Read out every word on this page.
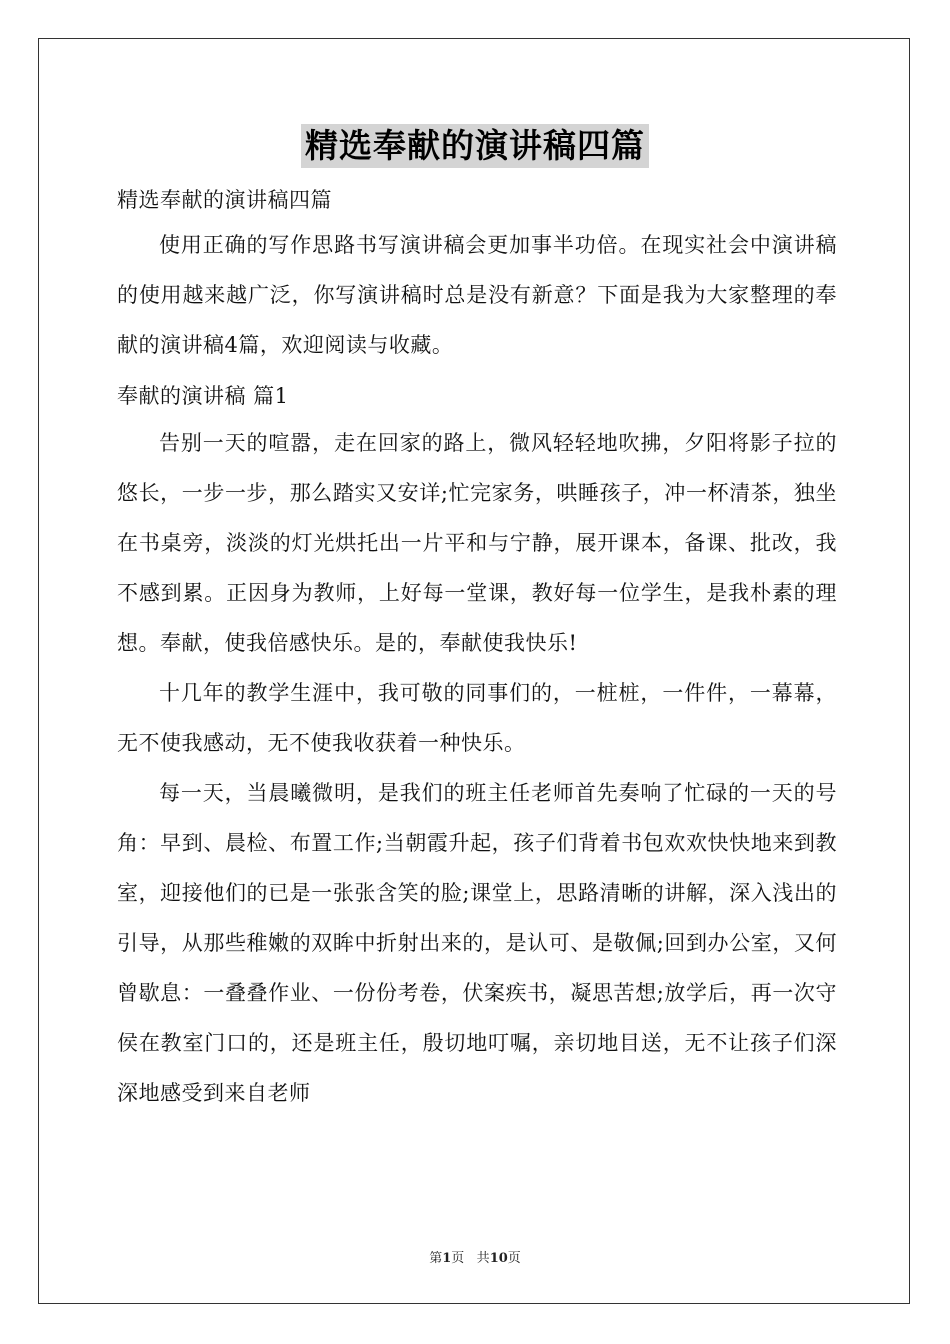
精选奉献的演讲稿四篇

精选奉献的演讲稿四篇

使用正确的写作思路书写演讲稿会更加事半功倍。在现实社会中演讲稿的使用越来越广泛，你写演讲稿时总是没有新意？下面是我为大家整理的奉献的演讲稿4篇，欢迎阅读与收藏。

奉献的演讲稿 篇1

告别一天的喧嚣，走在回家的路上，微风轻轻地吹拂，夕阳将影子拉的悠长，一步一步，那么踏实又安详;忙完家务，哄睡孩子，冲一杯清茶，独坐在书桌旁，淡淡的灯光烘托出一片平和与宁静，展开课本，备课、批改，我不感到累。正因身为教师，上好每一堂课，教好每一位学生，是我朴素的理想。奉献，使我倍感快乐。是的，奉献使我快乐!

十几年的教学生涯中，我可敬的同事们的，一桩桩，一件件，一幕幕，无不使我感动，无不使我收获着一种快乐。

每一天，当晨曦微明，是我们的班主任老师首先奏响了忙碌的一天的号角：早到、晨检、布置工作;当朝霞升起，孩子们背着书包欢欢快快地来到教室，迎接他们的已是一张张含笑的脸;课堂上，思路清晰的讲解，深入浅出的引导，从那些稚嫩的双眸中折射出来的，是认可、是敬佩;回到办公室，又何曾歇息：一叠叠作业、一份份考卷，伏案疾书，凝思苦想;放学后，再一次守侯在教室门口的，还是班主任，殷切地叮嘱，亲切地目送，无不让孩子们深深地感受到来自老师

第1页 共10页
